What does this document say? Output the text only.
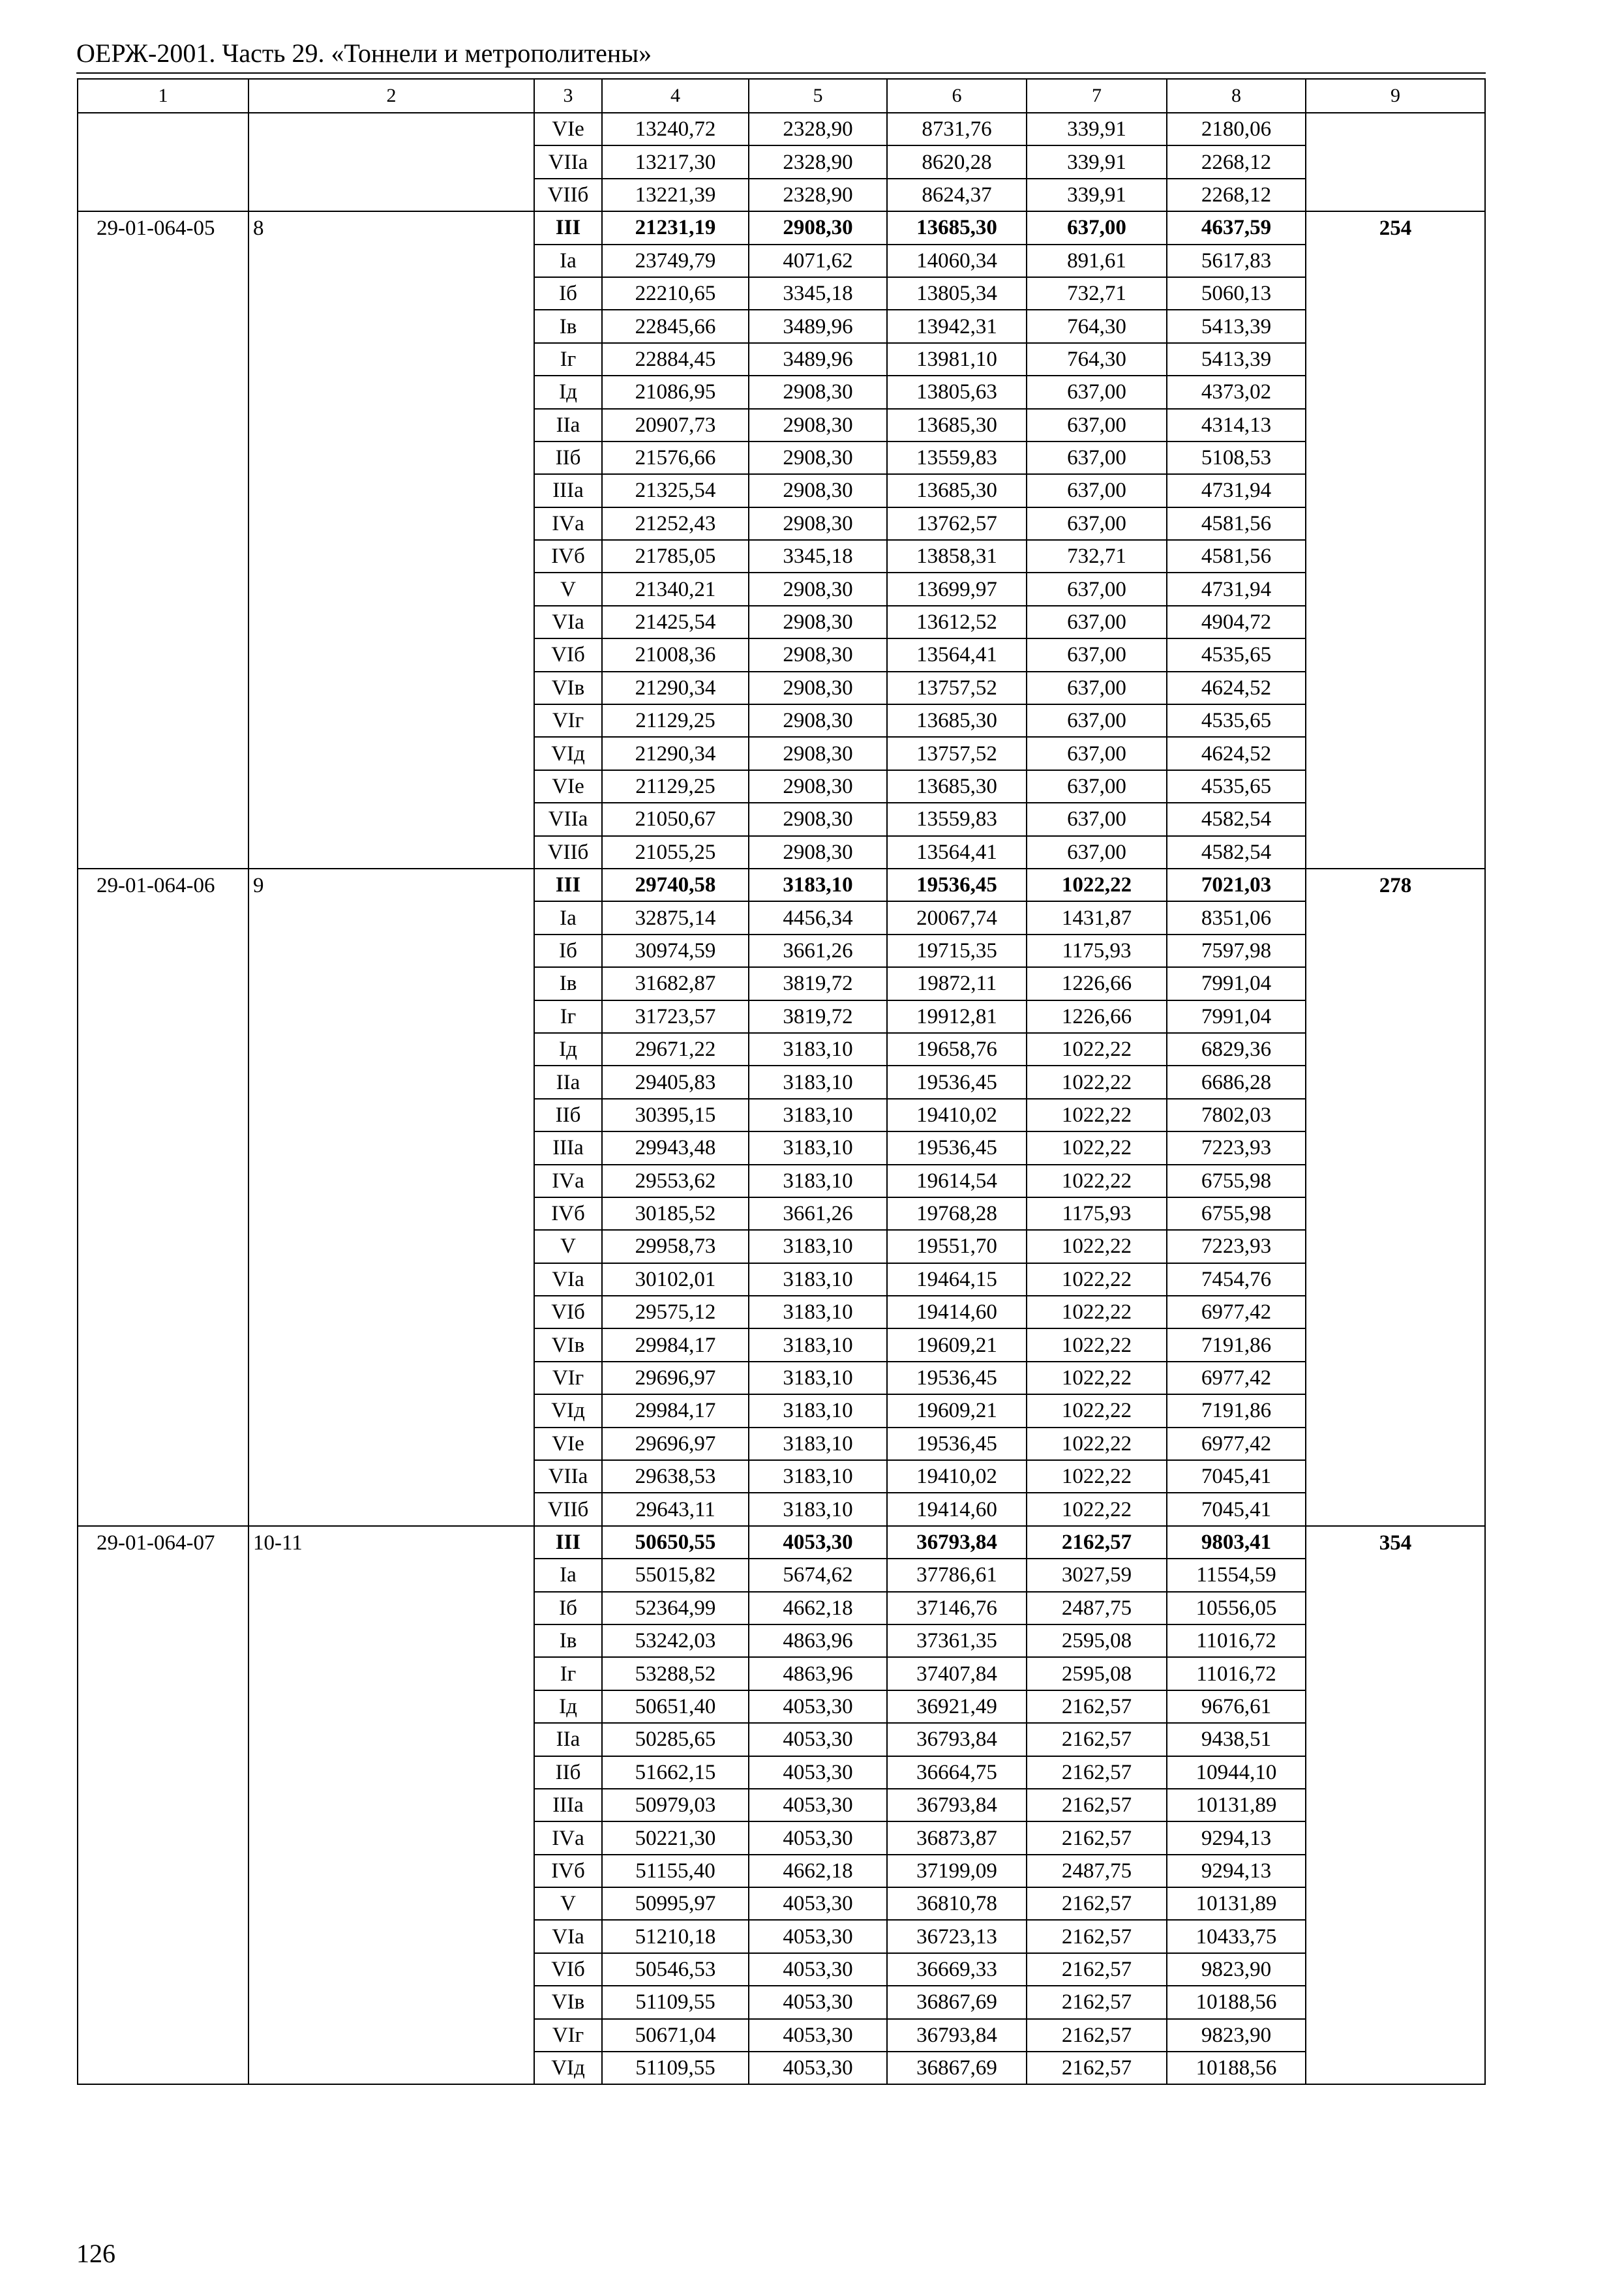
ОЕРЖ-2001. Часть 29. «Тоннели и метрополитены»
1	2	3	4	5	6	7	8	9
		VIе	13240,72	2328,90	8731,76	339,91	2180,06	
		VIIа	13217,30	2328,90	8620,28	339,91	2268,12	
		VIIб	13221,39	2328,90	8624,37	339,91	2268,12	
29-01-064-05	8	III	21231,19	2908,30	13685,30	637,00	4637,59	254
		Iа	23749,79	4071,62	14060,34	891,61	5617,83	
		Iб	22210,65	3345,18	13805,34	732,71	5060,13	
		Iв	22845,66	3489,96	13942,31	764,30	5413,39	
		Iг	22884,45	3489,96	13981,10	764,30	5413,39	
		Iд	21086,95	2908,30	13805,63	637,00	4373,02	
		IIа	20907,73	2908,30	13685,30	637,00	4314,13	
		IIб	21576,66	2908,30	13559,83	637,00	5108,53	
		IIIа	21325,54	2908,30	13685,30	637,00	4731,94	
		IVа	21252,43	2908,30	13762,57	637,00	4581,56	
		IVб	21785,05	3345,18	13858,31	732,71	4581,56	
		V	21340,21	2908,30	13699,97	637,00	4731,94	
		VIа	21425,54	2908,30	13612,52	637,00	4904,72	
		VIб	21008,36	2908,30	13564,41	637,00	4535,65	
		VIв	21290,34	2908,30	13757,52	637,00	4624,52	
		VIг	21129,25	2908,30	13685,30	637,00	4535,65	
		VIд	21290,34	2908,30	13757,52	637,00	4624,52	
		VIе	21129,25	2908,30	13685,30	637,00	4535,65	
		VIIа	21050,67	2908,30	13559,83	637,00	4582,54	
		VIIб	21055,25	2908,30	13564,41	637,00	4582,54	
29-01-064-06	9	III	29740,58	3183,10	19536,45	1022,22	7021,03	278
		Iа	32875,14	4456,34	20067,74	1431,87	8351,06	
		Iб	30974,59	3661,26	19715,35	1175,93	7597,98	
		Iв	31682,87	3819,72	19872,11	1226,66	7991,04	
		Iг	31723,57	3819,72	19912,81	1226,66	7991,04	
		Iд	29671,22	3183,10	19658,76	1022,22	6829,36	
		IIа	29405,83	3183,10	19536,45	1022,22	6686,28	
		IIб	30395,15	3183,10	19410,02	1022,22	7802,03	
		IIIа	29943,48	3183,10	19536,45	1022,22	7223,93	
		IVа	29553,62	3183,10	19614,54	1022,22	6755,98	
		IVб	30185,52	3661,26	19768,28	1175,93	6755,98	
		V	29958,73	3183,10	19551,70	1022,22	7223,93	
		VIа	30102,01	3183,10	19464,15	1022,22	7454,76	
		VIб	29575,12	3183,10	19414,60	1022,22	6977,42	
		VIв	29984,17	3183,10	19609,21	1022,22	7191,86	
		VIг	29696,97	3183,10	19536,45	1022,22	6977,42	
		VIд	29984,17	3183,10	19609,21	1022,22	7191,86	
		VIе	29696,97	3183,10	19536,45	1022,22	6977,42	
		VIIа	29638,53	3183,10	19410,02	1022,22	7045,41	
		VIIб	29643,11	3183,10	19414,60	1022,22	7045,41	
29-01-064-07	10-11	III	50650,55	4053,30	36793,84	2162,57	9803,41	354
		Iа	55015,82	5674,62	37786,61	3027,59	11554,59	
		Iб	52364,99	4662,18	37146,76	2487,75	10556,05	
		Iв	53242,03	4863,96	37361,35	2595,08	11016,72	
		Iг	53288,52	4863,96	37407,84	2595,08	11016,72	
		Iд	50651,40	4053,30	36921,49	2162,57	9676,61	
		IIа	50285,65	4053,30	36793,84	2162,57	9438,51	
		IIб	51662,15	4053,30	36664,75	2162,57	10944,10	
		IIIа	50979,03	4053,30	36793,84	2162,57	10131,89	
		IVа	50221,30	4053,30	36873,87	2162,57	9294,13	
		IVб	51155,40	4662,18	37199,09	2487,75	9294,13	
		V	50995,97	4053,30	36810,78	2162,57	10131,89	
		VIа	51210,18	4053,30	36723,13	2162,57	10433,75	
		VIб	50546,53	4053,30	36669,33	2162,57	9823,90	
		VIв	51109,55	4053,30	36867,69	2162,57	10188,56	
		VIг	50671,04	4053,30	36793,84	2162,57	9823,90	
		VIд	51109,55	4053,30	36867,69	2162,57	10188,56	
126
